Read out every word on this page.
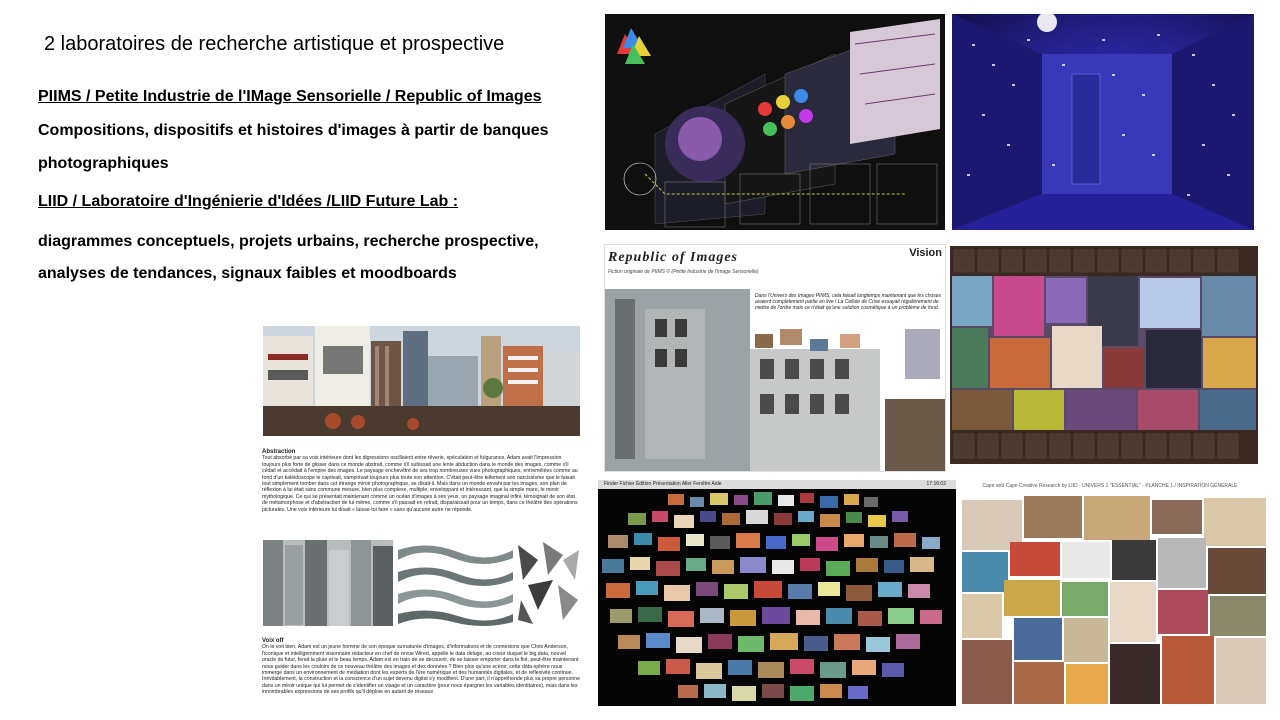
2 laboratoires de recherche artistique et prospective
PIIMS / Petite Industrie de l'IMage Sensorielle / Republic of Images
Compositions, dispositifs et histoires d'images à partir de banques
photographiques
LIID / Laboratoire d'Ingénierie d'Idées /LIID Future Lab :
diagrammes conceptuels, projets urbains, recherche prospective,
analyses de tendances, signaux faibles et moodboards
Abstraction
Tout absorbé par sa voix intérieure dont les digressions oscillaient entre rêverie, spéculation et fulgurance, Adam avait l'impression toujours plus forte de glisser dans ce monde abstrait, comme s'il subissait une lente abduction dans le monde des images, comme s'il cédait et accédait à l'empire des images. Le paysage enchevêtré de ses trop nombreuses vues photographiques, entremêlées comme au fond d'un kaléidoscope le captivait, vampirisait toujours plus toute son attention. C'était peut-être tellement son narcissisme que le faisait tout simplement tomber dans cet étrange miroir photographique, se disait-il. Mais dans un monde envahi par les images, son plan de réflexion à lui était sans commune mesure, bien plus complexe, multiple, enveloppant et intéressant, que la simple mare, le miroir mythologique. Ce qui se présentait maintenant comme un océan d'images à ses yeux, un paysage imaginal infini, témoignait de son état de métamorphose et d'abstraction de lui-même, comme s'il passait en retrait, disparaissait pour un temps, dans ce théâtre des opérations picturales. Une voix intérieure lui disait « laisse-toi faire » sans qu'aucune autre ne réponde.
Voix off
On le voit bien, Adam est un jeune homme de son époque surnaturée d'images, d'informations et de connexions que Chris Anderson, l'iconique et intelligemment visionnaire rédacteur en chef de revue Wired, appelle le data deluge, au coeur duquel le big data, nouvel oracle du futur, ferait la pluie et le beau temps. Adam est en train de se découvrir, de se laisser emporter dans le flot, peut-être maintenant nous guider dans les couloirs de ce nouveau théâtre des images et des données ? Bien plus qu'une scène, cette data-sphère nous immerge dans un environnement de médiation dont les experts de l'ère numérique et des humanités digitales, et de réflexivité continue. Inévitablement, la construction et la conscience d'un sujet devenu digital s'y modifient. D'une part, il n'appréhende plus sa propre personne dans un miroir unique qui lui permet de s'identifier un visage et un caractère (pour nous épargner les variables identitaires), mais dans les innombrables expressions de ses profils qu'il déploie en autant de réseaux
Republic of Images
Fiction originale de PIIMS © (Petite Industrie de l'Image Sensorielle)
Vision
Dans l'Univers des Images PIIMS, cela faisait longtemps maintenant que les choses avaient complètement partie en live ! La Cellule de Crise essayait régulièrement de mettre de l'ordre mais ce n'était qu'une solution cosmétique à un problème de fond.
Finder Fichier Édition Présentation Aller Fenêtre Aide	17:16:02	Cape and Cape Creative Research by LIID - UNIVERS 1 "ESSENTIAL" - PLANCHE 1 / INSPIRATION GÉNÉRALE
